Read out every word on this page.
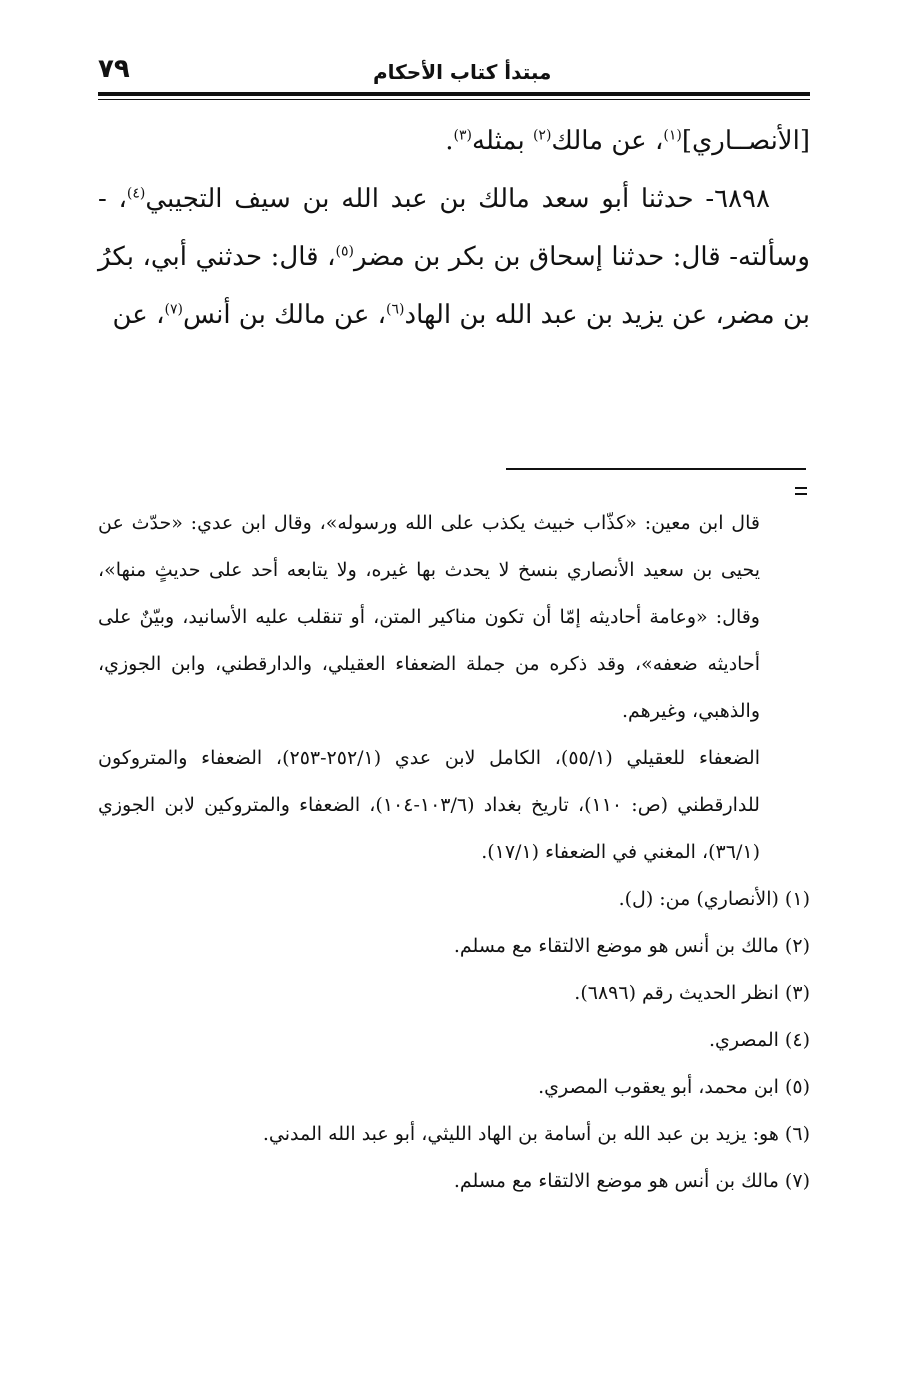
٧٩	مبتدأ كتاب الأحكام

[الأنصــاري]$^{(١)}$، عن مالك$^{(٢)}$ بمثله$^{(٣)}$.

٦٨٩٨- حدثنا أبو سعد مالك بن عبد الله بن سيف التجيبي$^{(٤)}$، - وسألته- قال: حدثنا إسحاق بن بكر بن مضر$^{(٥)}$، قال: حدثني أبي، بكرُ بن مضر، عن يزيد بن عبد الله بن الهاد$^{(٦)}$، عن مالك بن أنس$^{(٧)}$، عن

قال ابن معين: «كذّاب خبيث يكذب على الله ورسوله»، وقال ابن عدي: «حدّث عن يحيى بن سعيد الأنصاري بنسخ لا يحدث بها غيره، ولا يتابعه أحد على حديثٍ منها»، وقال: «وعامة أحاديثه إمّا أن تكون مناكير المتن، أو تنقلب عليه الأسانيد، وبيّنٌ على أحاديثه ضعفه»، وقد ذكره من جملة الضعفاء العقيلي، والدارقطني، وابن الجوزي، والذهبي، وغيرهم.

الضعفاء للعقيلي (٥٥/١)، الكامل لابن عدي (٢٥٢/١-٢٥٣)، الضعفاء والمتروكون للدارقطني (ص: ١١٠)، تاريخ بغداد (١٠٣/٦-١٠٤)، الضعفاء والمتروكين لابن الجوزي (٣٦/١)، المغني في الضعفاء (١٧/١).

(١) (الأنصاري) من: (ل).

(٢) مالك بن أنس هو موضع الالتقاء مع مسلم.

(٣) انظر الحديث رقم (٦٨٩٦).

(٤) المصري.

(٥) ابن محمد، أبو يعقوب المصري.

(٦) هو: يزيد بن عبد الله بن أسامة بن الهاد الليثي، أبو عبد الله المدني.

(٧) مالك بن أنس هو موضع الالتقاء مع مسلم.
